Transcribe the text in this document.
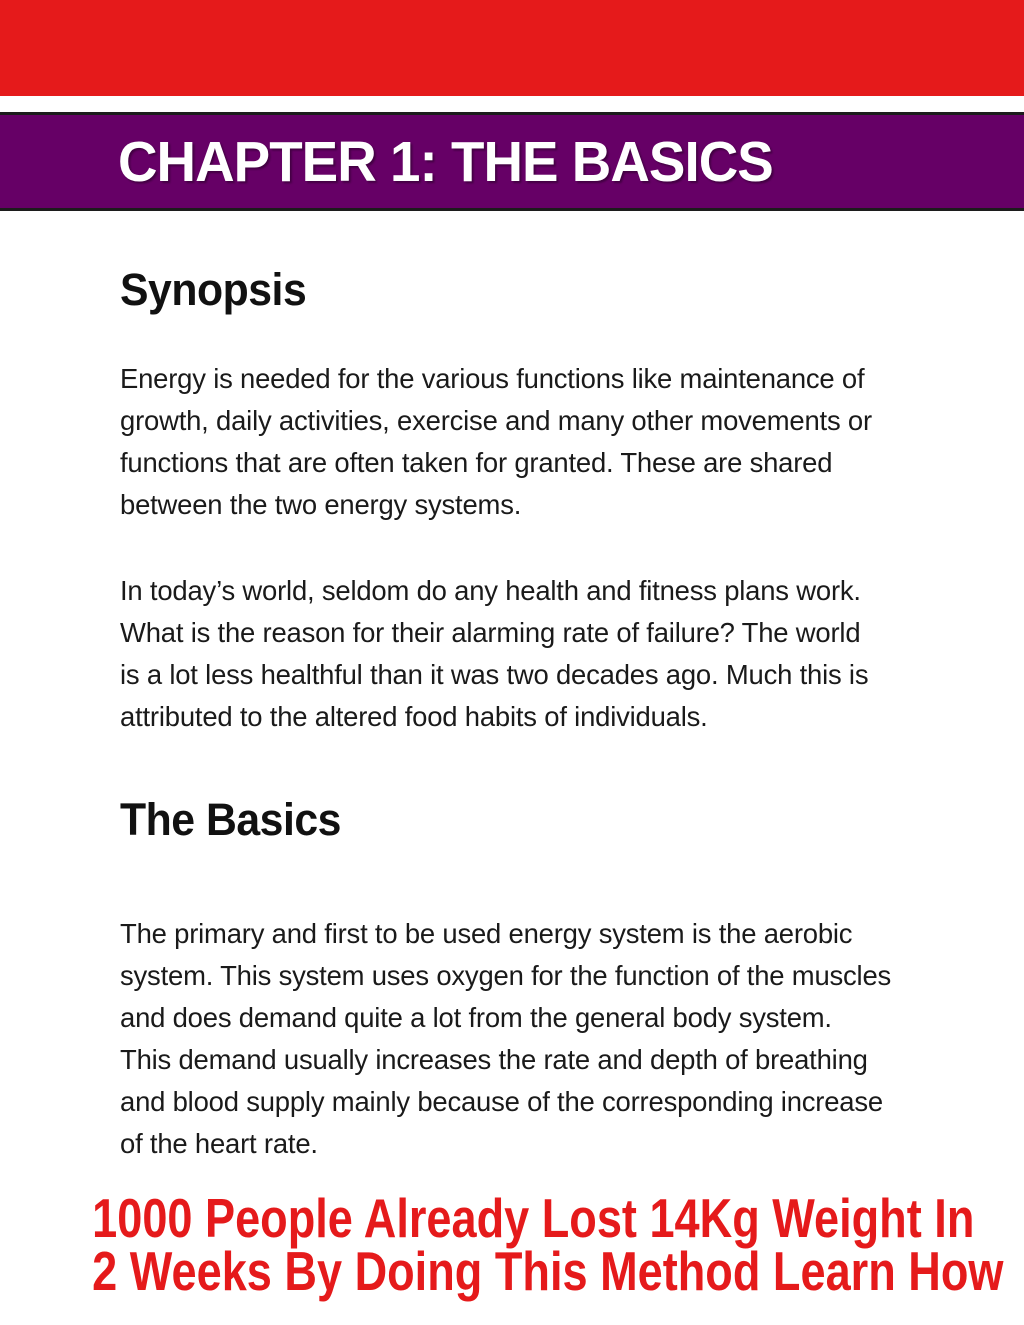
CHAPTER 1: THE BASICS
Synopsis
Energy is needed for the various functions like maintenance of
growth, daily activities, exercise and many other movements or
functions that are often taken for granted. These are shared
between the two energy systems.
In today’s world, seldom do any health and fitness plans work.
What is the reason for their alarming rate of failure? The world
is a lot less healthful than it was two decades ago. Much this is
attributed to the altered food habits of individuals.
The Basics
The primary and first to be used energy system is the aerobic
system. This system uses oxygen for the function of the muscles
and does demand quite a lot from the general body system.
This demand usually increases the rate and depth of breathing
and blood supply mainly because of the corresponding increase
of the heart rate.
1000 People Already Lost 14Kg Weight In
2 Weeks By Doing This Method Learn How
